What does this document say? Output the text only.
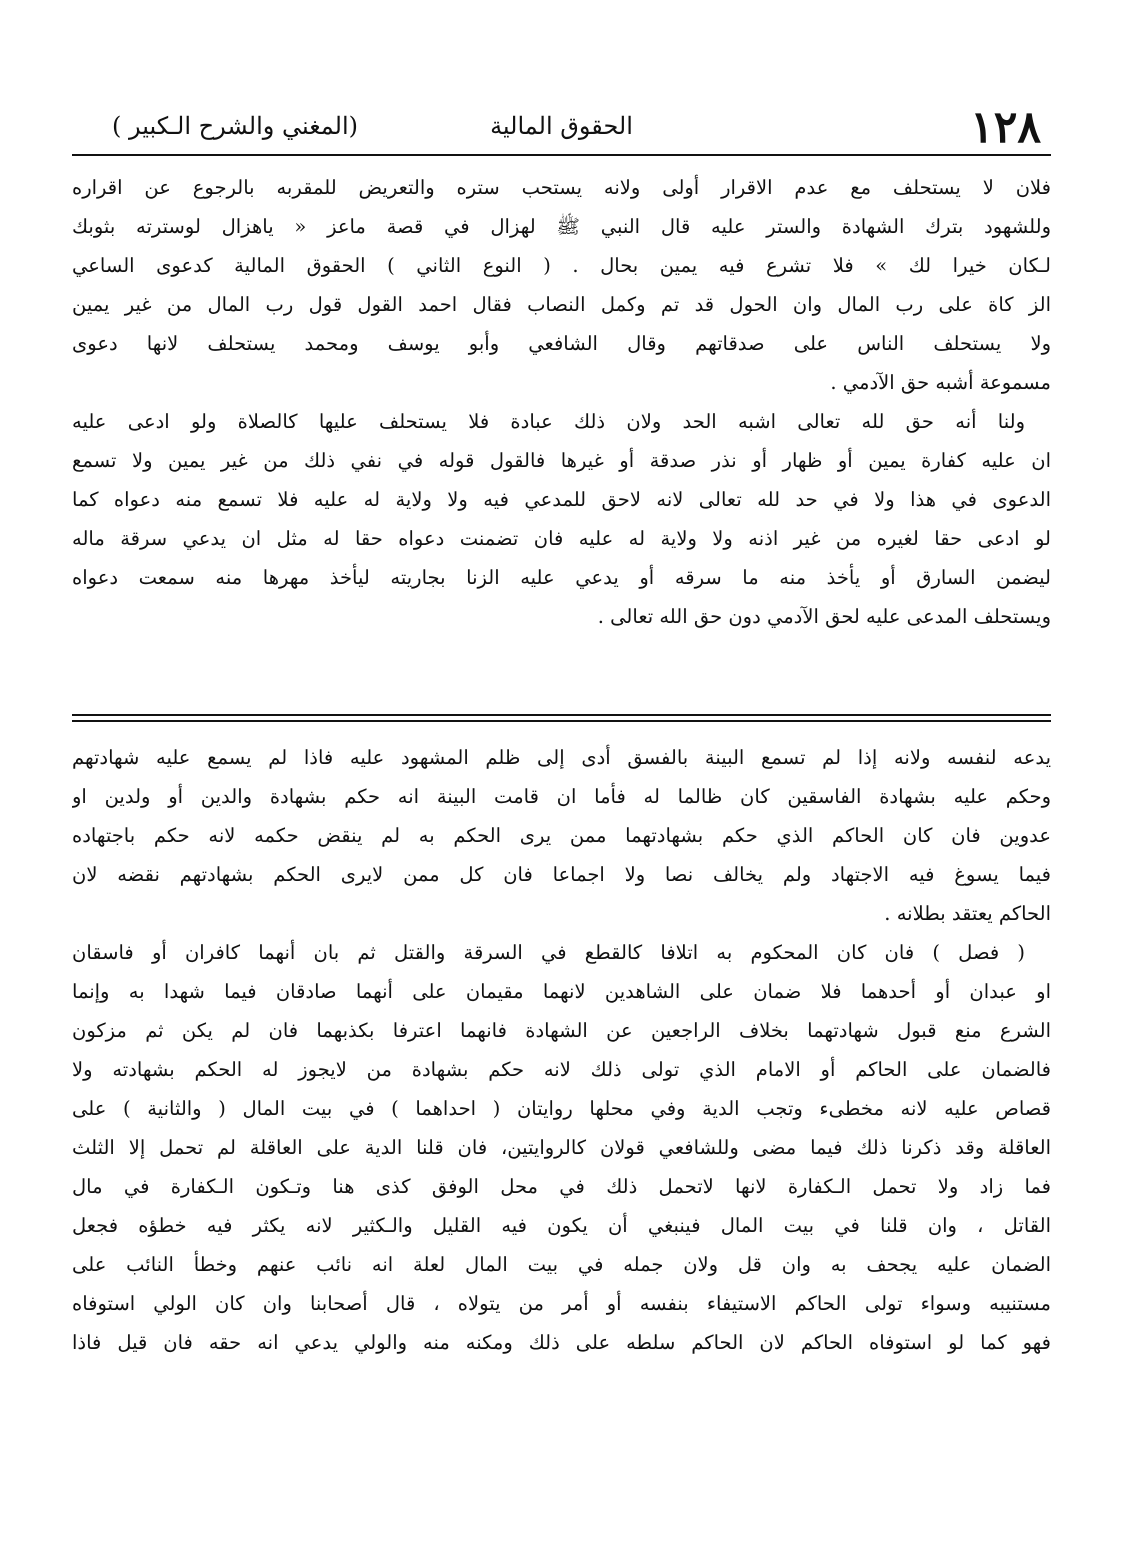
١٢٨
الحقوق المالية
(المغني والشرح الـكبير )
فلان لا يستحلف مع عدم الاقرار أولى ولانه يستحب ستره والتعريض للمقربه بالرجوع عن اقراره
وللشهود بترك الشهادة والستر عليه قال النبي ﷺ لهزال في قصة ماعز « ياهزال لوسترته بثوبك
لـكان خيرا لك » فلا تشرع فيه يمين بحال . ( النوع الثاني ) الحقوق المالية كدعوى الساعي
الز كاة على رب المال وان الحول قد تم وكمل النصاب فقال احمد القول قول رب المال من غير يمين
ولا يستحلف الناس على صدقاتهم وقال الشافعي وأبو يوسف ومحمد يستحلف لانها دعوى
مسموعة أشبه حق الآدمي .
ولنا أنه حق لله تعالى اشبه الحد ولان ذلك عبادة فلا يستحلف عليها كالصلاة ولو ادعى عليه
ان عليه كفارة يمين أو ظهار أو نذر صدقة أو غيرها فالقول قوله في نفي ذلك من غير يمين ولا تسمع
الدعوى في هذا ولا في حد لله تعالى لانه لاحق للمدعي فيه ولا ولاية له عليه فلا تسمع منه دعواه كما
لو ادعى حقا لغيره من غير اذنه ولا ولاية له عليه فان تضمنت دعواه حقا له مثل ان يدعي سرقة ماله
ليضمن السارق أو يأخذ منه ما سرقه أو يدعي عليه الزنا بجاريته ليأخذ مهرها منه سمعت دعواه
ويستحلف المدعى عليه لحق الآدمي دون حق الله تعالى .
يدعه لنفسه ولانه إذا لم تسمع البينة بالفسق أدى إلى ظلم المشهود عليه فاذا لم يسمع عليه شهادتهم
وحكم عليه بشهادة الفاسقين كان ظالما له فأما ان قامت البينة انه حكم بشهادة والدين أو ولدين او
عدوين فان كان الحاكم الذي حكم بشهادتهما ممن يرى الحكم به لم ينقض حكمه لانه حكم باجتهاده
فيما يسوغ فيه الاجتهاد ولم يخالف نصا ولا اجماعا فان كل ممن لايرى الحكم بشهادتهم نقضه لان
الحاكم يعتقد بطلانه .
( فصل ) فان كان المحكوم به اتلافا كالقطع في السرقة والقتل ثم بان أنهما كافران أو فاسقان
او عبدان أو أحدهما فلا ضمان على الشاهدين لانهما مقيمان على أنهما صادقان فيما شهدا به وإنما
الشرع منع قبول شهادتهما بخلاف الراجعين عن الشهادة فانهما اعترفا بكذبهما فان لم يكن ثم مزكون
فالضمان على الحاكم أو الامام الذي تولى ذلك لانه حكم بشهادة من لايجوز له الحكم بشهادته ولا
قصاص عليه لانه مخطىء وتجب الدية وفي محلها روايتان ( احداهما ) في بيت المال ( والثانية ) على
العاقلة وقد ذكرنا ذلك فيما مضى وللشافعي قولان كالروايتين، فان قلنا الدية على العاقلة لم تحمل إلا الثلث
فما زاد ولا تحمل الـكفارة لانها لاتحمل ذلك في محل الوفق كذى هنا وتـكون الـكفارة في مال
القاتل ، وان قلنا في بيت المال فينبغي أن يكون فيه القليل والـكثير لانه يكثر فيه خطؤه فجعل
الضمان عليه يجحف به وان قل ولان جمله في بيت المال لعلة انه نائب عنهم وخطأ النائب على
مستنيبه وسواء تولى الحاكم الاستيفاء بنفسه أو أمر من يتولاه ، قال أصحابنا وان كان الولي استوفاه
فهو كما لو استوفاه الحاكم لان الحاكم سلطه على ذلك ومكنه منه والولي يدعي انه حقه فان قيل فاذا
